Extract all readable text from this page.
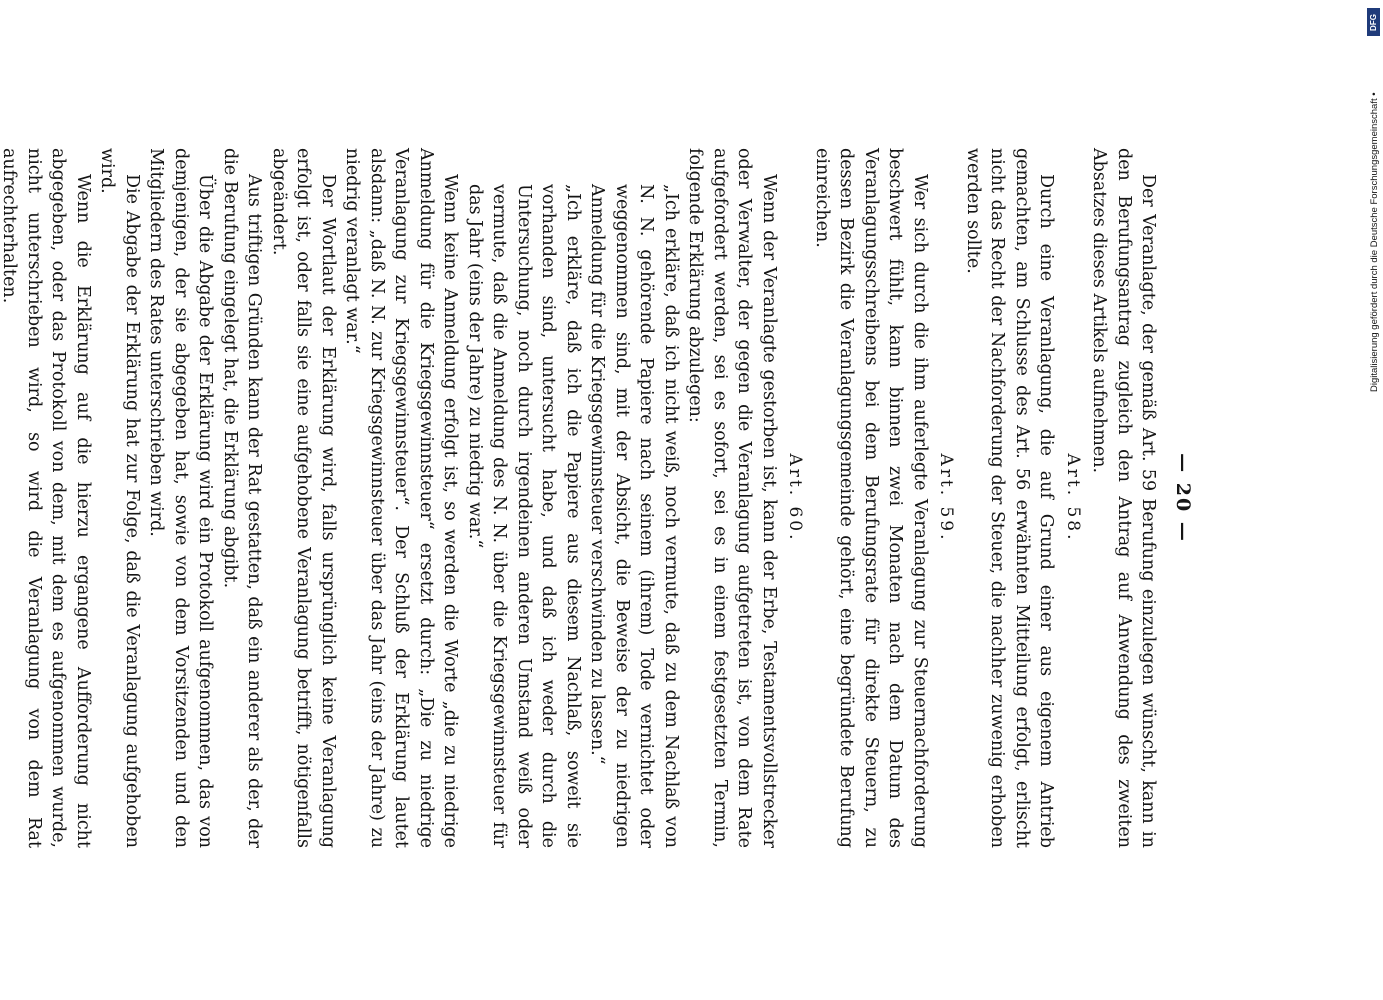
— 20 —

Der Veranlagte, der gemäß Art. 59 Berufung einzulegen wünscht, kann in den Berufungsantrag zugleich den Antrag auf Anwendung des zweiten Absatzes dieses Artikels aufnehmen.

Art. 58.

Durch eine Veranlagung, die auf Grund einer aus eigenem Antrieb gemachten, am Schlusse des Art. 56 erwähnten Mitteilung erfolgt, erlischt nicht das Recht der Nachforderung der Steuer, die nachher zuwenig erhoben werden sollte.

Art. 59.

Wer sich durch die ihm auferlegte Veranlagung zur Steuernachforderung beschwert fühlt, kann binnen zwei Monaten nach dem Datum des Veranlagungsschreibens bei dem Berufungsrate für direkte Steuern, zu dessen Bezirk die Veranlagungsgemeinde gehört, eine begründete Berufung einreichen.

Art. 60.

Wenn der Veranlagte gestorben ist, kann der Erbe, Testamentsvollstrecker oder Verwalter, der gegen die Veranlagung aufgetreten ist, von dem Rate aufgefordert werden, sei es sofort, sei es in einem festgesetzten Termin, folgende Erklärung abzulegen:

„Ich erkläre, daß ich nicht weiß, noch vermute, daß zu dem Nachlaß von N. N. gehörende Papiere nach seinem (ihrem) Tode vernichtet oder weggenommen sind, mit der Absicht, die Beweise der zu niedrigen Anmeldung für die Kriegsgewinnsteuer verschwinden zu lassen.“

„Ich erkläre, daß ich die Papiere aus diesem Nachlaß, soweit sie vorhanden sind, untersucht habe, und daß ich weder durch die Untersuchung, noch durch irgendeinen anderen Umstand weiß oder vermute, daß die Anmeldung des N. N. über die Kriegsgewinnsteuer für das Jahr (eins der Jahre) zu niedrig war.“

Wenn keine Anmeldung erfolgt ist, so werden die Worte „die zu niedrige Anmeldung für die Kriegsgewinnsteuer“ ersetzt durch: „Die zu niedrige Veranlagung zur Kriegsgewinnsteuer“. Der Schluß der Erklärung lautet alsdann: „daß N. N. zur Kriegsgewinnsteuer über das Jahr (eins der Jahre) zu niedrig veranlagt war.“

Der Wortlaut der Erklärung wird, falls ursprünglich keine Veranlagung erfolgt ist, oder falls sie eine aufgehobene Veranlagung betrifft, nötigenfalls abgeändert.

Aus triftigen Gründen kann der Rat gestatten, daß ein anderer als der, der die Berufung eingelegt hat, die Erklärung abgibt.

Über die Abgabe der Erklärung wird ein Protokoll aufgenommen, das von demjenigen, der sie abgegeben hat, sowie von dem Vorsitzenden und den Mitgliedern des Rates unterschrieben wird.

Die Abgabe der Erklärung hat zur Folge, daß die Veranlagung aufgehoben wird.

Wenn die Erklärung auf die hierzu ergangene Aufforderung nicht abgegeben, oder das Protokoll von dem, mit dem es aufgenommen wurde, nicht unterschrieben wird, so wird die Veranlagung von dem Rat aufrechterhalten.

DFG
Digitalisierung gefördert durch die Deutsche Forschungsgemeinschaft •
